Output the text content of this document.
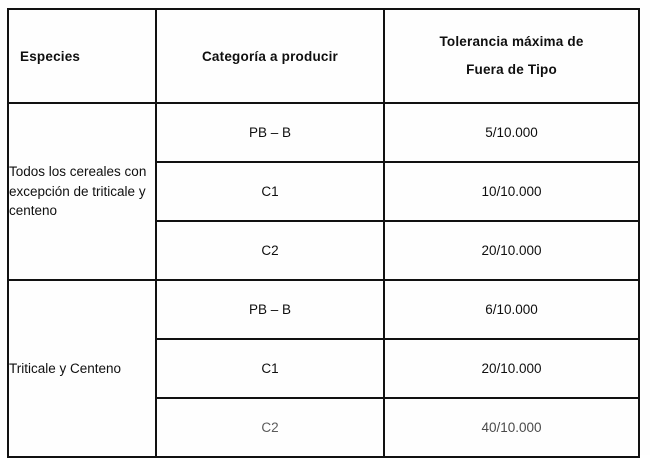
Especies	Categoría a producir	Tolerancia máxima de
Fuera de Tipo

Todos los cereales con excepción de triticale y centeno	PB – B	5/10.000
	C1	10/10.000
	C2	20/10.000
Triticale y Centeno	PB – B	6/10.000
	C1	20/10.000
	C2	40/10.000
